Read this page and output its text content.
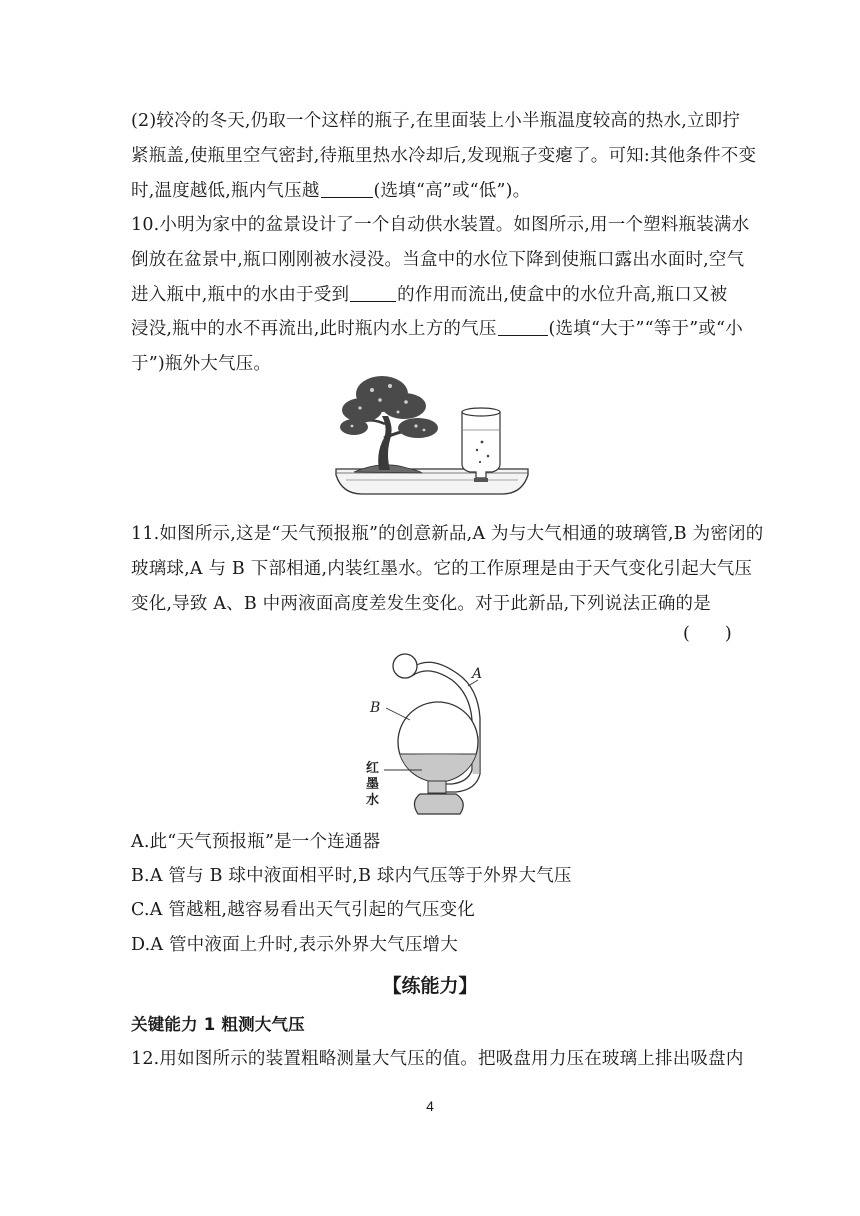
(2)较冷的冬天,仍取一个这样的瓶子,在里面装上小半瓶温度较高的热水,立即拧
紧瓶盖,使瓶里空气密封,待瓶里热水冷却后,发现瓶子变瘪了。可知:其他条件不变
时,温度越低,瓶内气压越	(选填“高”或“低”)。
10.小明为家中的盆景设计了一个自动供水装置。如图所示,用一个塑料瓶装满水
倒放在盆景中,瓶口刚刚被水浸没。当盒中的水位下降到使瓶口露出水面时,空气
进入瓶中,瓶中的水由于受到	的作用而流出,使盒中的水位升高,瓶口又被
浸没,瓶中的水不再流出,此时瓶内水上方的气压	(选填“大于”“等于”或“小
于”)瓶外大气压。
11.如图所示,这是“天气预报瓶”的创意新品,A 为与大气相通的玻璃管,B 为密闭的
玻璃球,A 与 B 下部相通,内装红墨水。它的工作原理是由于天气变化引起大气压
变化,导致 A、B 中两液面高度差发生变化。对于此新品,下列说法正确的是
(　　)
B
A
红
墨
水
A.此“天气预报瓶”是一个连通器
B.A 管与 B 球中液面相平时,B 球内气压等于外界大气压
C.A 管越粗,越容易看出天气引起的气压变化
D.A 管中液面上升时,表示外界大气压增大
【练能力】
关键能力 1 粗测大气压
12.用如图所示的装置粗略测量大气压的值。把吸盘用力压在玻璃上排出吸盘内
4
